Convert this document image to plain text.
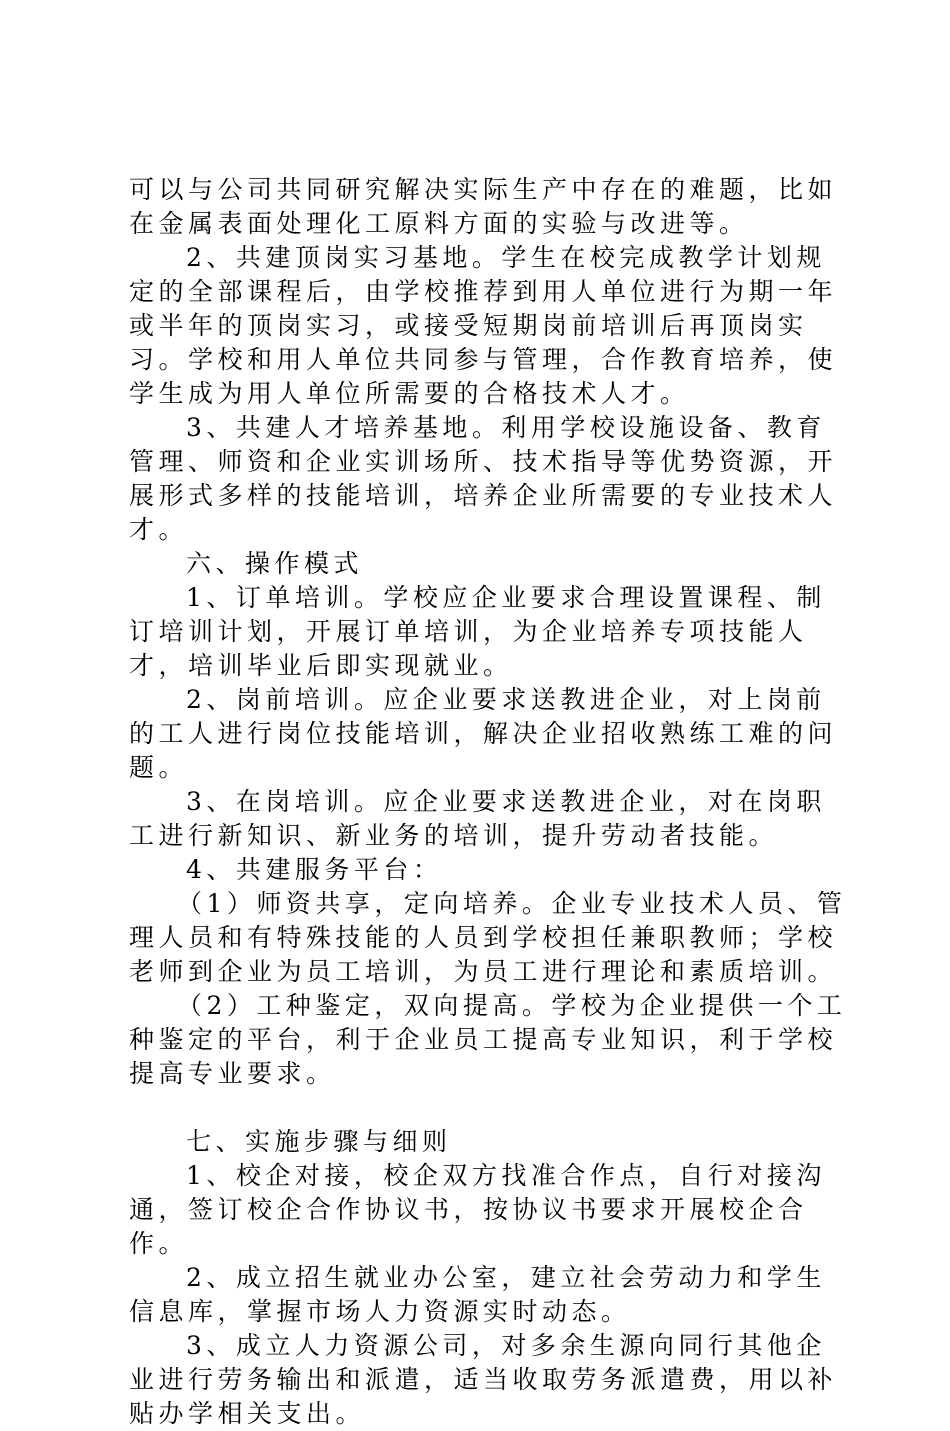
可以与公司共同研究解决实际生产中存在的难题，比如在金属表面处理化工原料方面的实验与改进等。

2、共建顶岗实习基地。学生在校完成教学计划规定的全部课程后，由学校推荐到用人单位进行为期一年或半年的顶岗实习，或接受短期岗前培训后再顶岗实习。学校和用人单位共同参与管理，合作教育培养，使学生成为用人单位所需要的合格技术人才。

3、共建人才培养基地。利用学校设施设备、教育管理、师资和企业实训场所、技术指导等优势资源，开展形式多样的技能培训，培养企业所需要的专业技术人才。

六、操作模式

1、订单培训。学校应企业要求合理设置课程、制订培训计划，开展订单培训，为企业培养专项技能人才，培训毕业后即实现就业。

2、岗前培训。应企业要求送教进企业，对上岗前的工人进行岗位技能培训，解决企业招收熟练工难的问题。

3、在岗培训。应企业要求送教进企业，对在岗职工进行新知识、新业务的培训，提升劳动者技能。

4、共建服务平台：

（1）师资共享，定向培养。企业专业技术人员、管理人员和有特殊技能的人员到学校担任兼职教师；学校老师到企业为员工培训，为员工进行理论和素质培训。

（2）工种鉴定，双向提高。学校为企业提供一个工种鉴定的平台，利于企业员工提高专业知识，利于学校提高专业要求。

七、实施步骤与细则

1、校企对接，校企双方找准合作点，自行对接沟通，签订校企合作协议书，按协议书要求开展校企合作。

2、成立招生就业办公室，建立社会劳动力和学生信息库，掌握市场人力资源实时动态。

3、成立人力资源公司，对多余生源向同行其他企业进行劳务输出和派遣，适当收取劳务派遣费，用以补贴办学相关支出。
